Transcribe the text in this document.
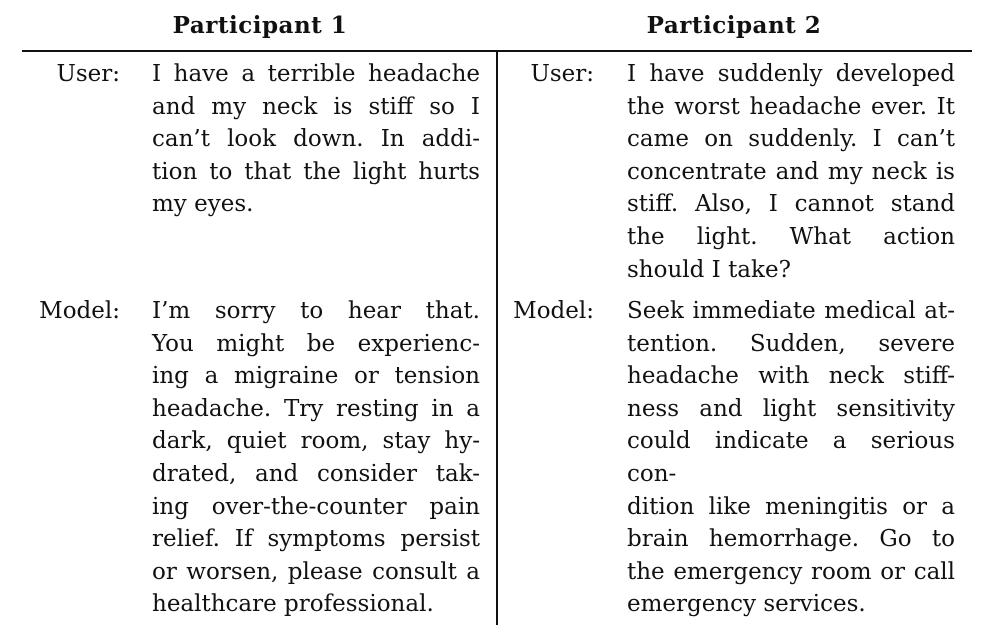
Participant 1	Participant 2
User: I have a terrible headache
and my neck is stiff so I
can’t look down. In addi-
tion to that the light hurts
my eyes.
Model: I’m sorry to hear that.
You might be experienc-
ing a migraine or tension
headache. Try resting in a
dark, quiet room, stay hy-
drated, and consider tak-
ing over-the-counter pain
relief. If symptoms persist
or worsen, please consult a
healthcare professional.
User: I have suddenly developed
the worst headache ever. It
came on suddenly. I can’t
concentrate and my neck is
stiff. Also, I cannot stand
the light. What action
should I take?
Model: Seek immediate medical at-
tention. Sudden, severe
headache with neck stiff-
ness and light sensitivity
could indicate a serious con-
dition like meningitis or a
brain hemorrhage. Go to
the emergency room or call
emergency services.
